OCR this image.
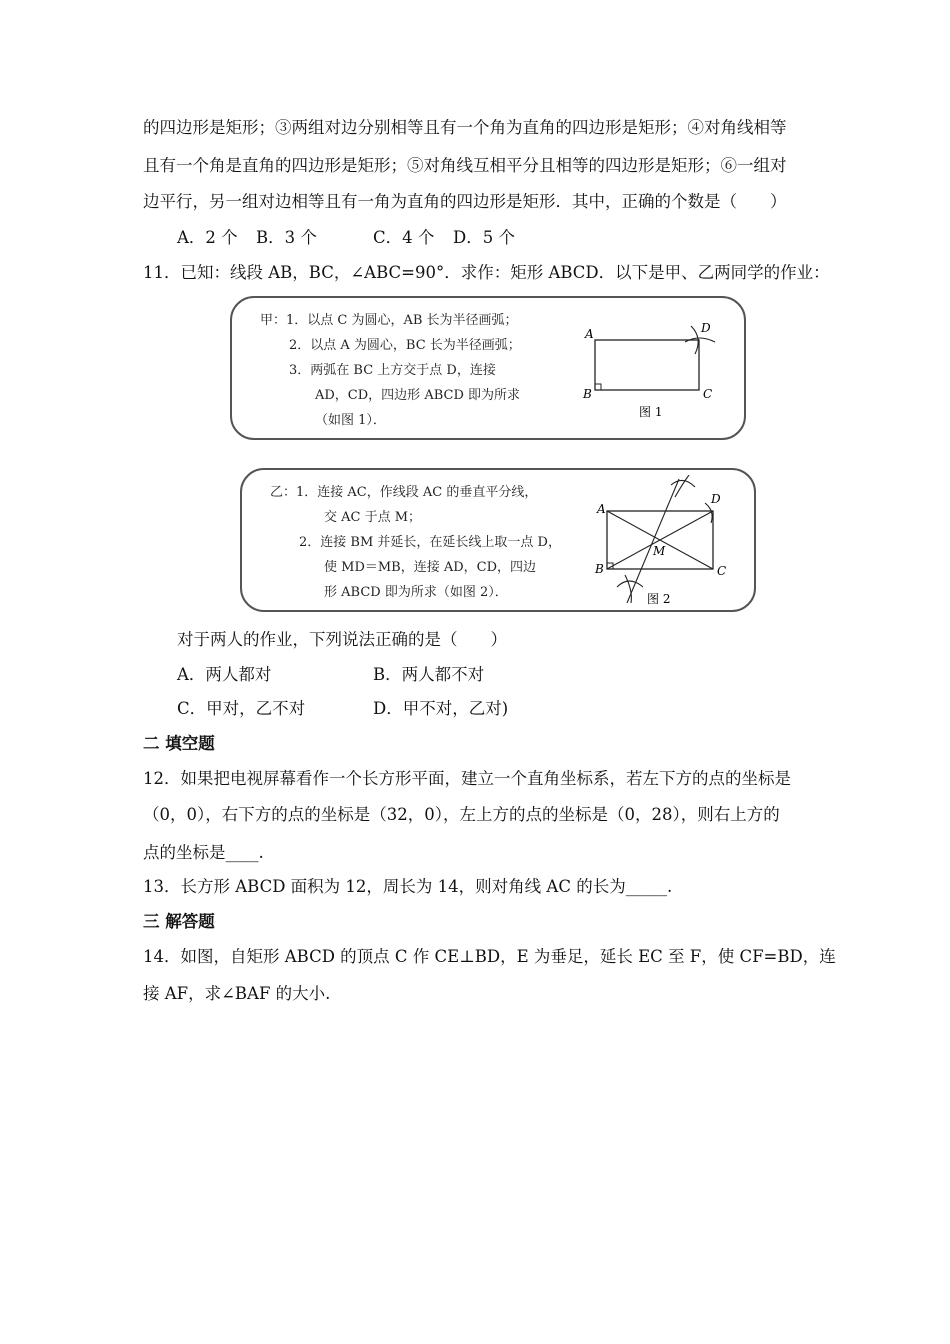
的四边形是矩形；③两组对边分别相等且有一个角为直角的四边形是矩形；④对角线相等
且有一个角是直角的四边形是矩形；⑤对角线互相平分且相等的四边形是矩形；⑥一组对
边平行，另一组对边相等且有一角为直角的四边形是矩形．其中，正确的个数是（　　）
A．2 个 B．3 个	C．4 个 D．5 个
11．已知：线段 AB，BC，∠ABC=90°．求作：矩形 ABCD．以下是甲、乙两同学的作业：
甲：1．以点 C 为圆心，AB 长为半径画弧；
2．以点 A 为圆心，BC 长为半径画弧；
3．两弧在 BC 上方交于点 D，连接
AD，CD，四边形 ABCD 即为所求
（如图 1）．
A
B	C
D
图 1
乙：1．连接 AC，作线段 AC 的垂直平分线，
交 AC 于点 M；
2．连接 BM 并延长，在延长线上取一点 D，
使 MD＝MB，连接 AD，CD，四边
形 ABCD 即为所求（如图 2）．
A
B	C
D
M
图 2
对于两人的作业，下列说法正确的是（　　）
A．两人都对	B．两人都不对
C．甲对，乙不对	D．甲不对，乙对)
二 填空题
12．如果把电视屏幕看作一个长方形平面，建立一个直角坐标系，若左下方的点的坐标是
（0，0），右下方的点的坐标是（32，0），左上方的点的坐标是（0，28），则右上方的
点的坐标是____.
13．长方形 ABCD 面积为 12，周长为 14，则对角线 AC 的长为_____.
三 解答题
14．如图，自矩形 ABCD 的顶点 C 作 CE⊥BD，E 为垂足，延长 EC 至 F，使 CF=BD，连
接 AF，求∠BAF 的大小.
